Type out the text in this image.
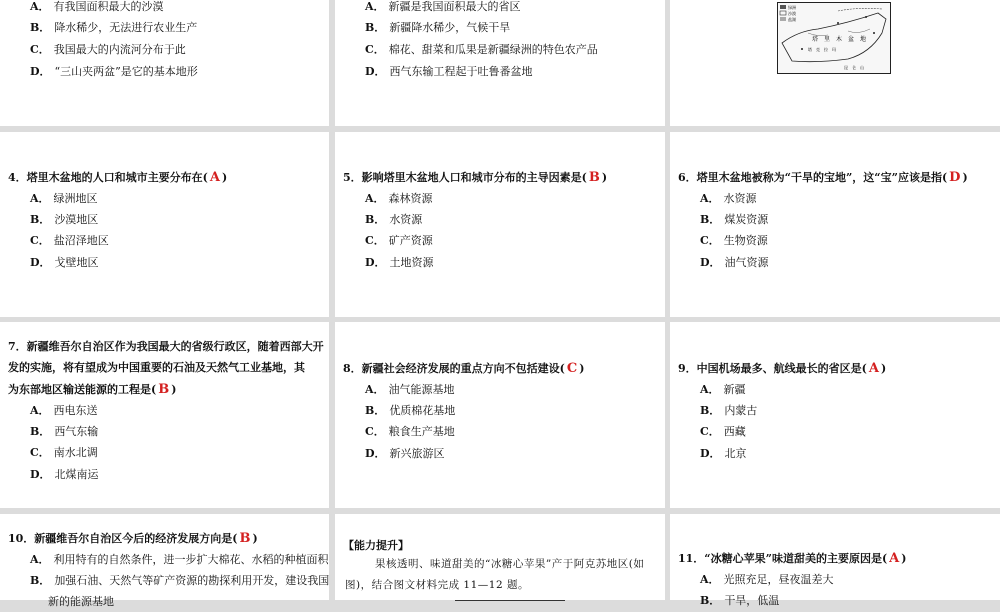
A． 有我国面积最大的沙漠
B． 降水稀少，无法进行农业生产
C． 我国最大的内流河分布于此
D． “三山夹两盆”是它的基本地形
A． 新疆是我国面积最大的省区
B． 新疆降水稀少，气候干旱
C． 棉花、甜菜和瓜果是新疆绿洲的特色农产品
D． 西气东输工程起于吐鲁番盆地
绿洲
沙漠
盐湖
塔　里　木　盆　地
塔　克　拉　玛
昆　仑　山
4．塔里木盆地的人口和城市主要分布在( A )
A． 绿洲地区
B． 沙漠地区
C． 盐沼泽地区
D． 戈壁地区
5．影响塔里木盆地人口和城市分布的主导因素是( B )
A． 森林资源
B． 水资源
C． 矿产资源
D． 土地资源
6．塔里木盆地被称为“干旱的宝地”，这“宝”应该是指( D )
A． 水资源
B． 煤炭资源
C． 生物资源
D． 油气资源
7．新疆维吾尔自治区作为我国最大的省级行政区，随着西部大开
发的实施，将有望成为中国重要的石油及天然气工业基地，其
为东部地区输送能源的工程是( B )
A． 西电东送
B． 西气东输
C． 南水北调
D． 北煤南运
8．新疆社会经济发展的重点方向不包括建设( C )
A． 油气能源基地
B． 优质棉花基地
C． 粮食生产基地
D． 新兴旅游区
9．中国机场最多、航线最长的省区是( A )
A． 新疆
B． 内蒙古
C． 西藏
D． 北京
10．新疆维吾尔自治区今后的经济发展方向是( B )
A． 利用特有的自然条件，进一步扩大棉花、水稻的种植面积
B． 加强石油、天然气等矿产资源的勘探利用开发，建设我国
新的能源基地
【能力提升】
果核透明、味道甜美的“冰糖心苹果”产于阿克苏地区(如
图)，结合图文材料完成 11—12 题。
11．“冰糖心苹果”味道甜美的主要原因是( A )
A． 光照充足，昼夜温差大
B． 干旱，低温
